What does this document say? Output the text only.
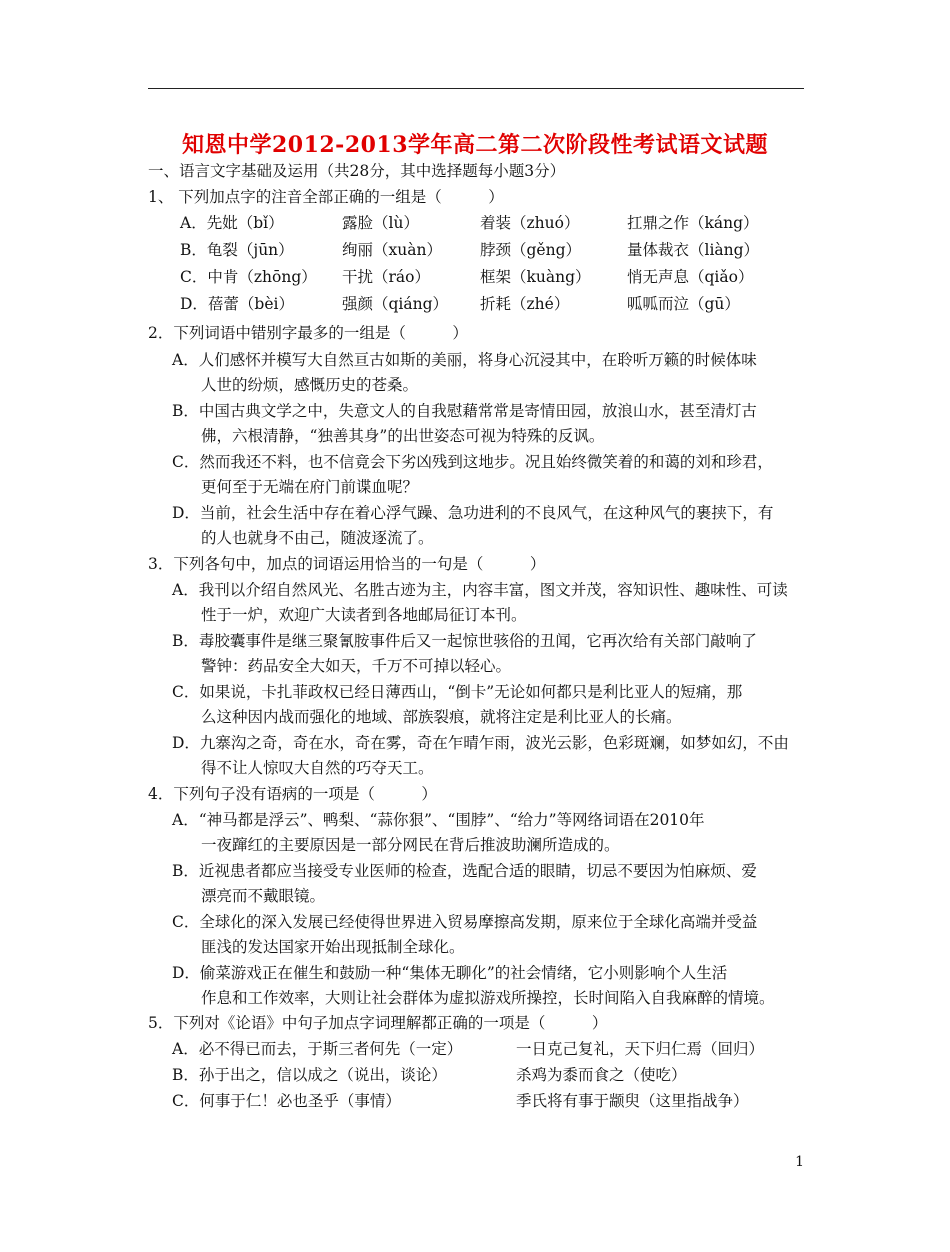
知恩中学2012-2013学年高二第二次阶段性考试语文试题
一、语言文字基础及运用（共28分，其中选择题每小题3分）
1、 下列加点字的注音全部正确的一组是（　　　）
A．先妣（bǐ）	露脸（lù）	着装（zhuó）	扛鼎之作（káng）
B．龟裂（jūn）	绚丽（xuàn） 脖颈（gěng）	量体裁衣（liàng）
C．中肯（zhōng） 干扰（ráo）	框架（kuàng） 悄无声息（qiǎo）
D．蓓蕾（bèi）	强颜（qiáng） 折耗（zhé）	呱呱而泣（gū）
2．下列词语中错别字最多的一组是（　　　）
A．人们感怀并模写大自然亘古如斯的美丽，将身心沉浸其中，在聆听万籁的时候体味
人世的纷烦，感慨历史的苍桑。
B．中国古典文学之中，失意文人的自我慰藉常常是寄情田园，放浪山水，甚至清灯古
佛，六根清静，“独善其身”的出世姿态可视为特殊的反讽。
C．然而我还不料，也不信竟会下劣凶残到这地步。况且始终微笑着的和蔼的刘和珍君，
更何至于无端在府门前谍血呢？
D．当前，社会生活中存在着心浮气躁、急功进利的不良风气，在这种风气的裹挟下，有
的人也就身不由己，随波逐流了。
3．下列各句中，加点的词语运用恰当的一句是（　　　）
A．我刊以介绍自然风光、名胜古迹为主，内容丰富，图文并茂，容知识性、趣味性、可读
性于一炉，欢迎广大读者到各地邮局征订本刊。
B．毒胶囊事件是继三聚氰胺事件后又一起惊世骇俗的丑闻，它再次给有关部门敲响了
警钟：药品安全大如天，千万不可掉以轻心。
C．如果说，卡扎菲政权已经日薄西山，“倒卡”无论如何都只是利比亚人的短痛，那
么这种因内战而强化的地域、部族裂痕，就将注定是利比亚人的长痛。
D．九寨沟之奇，奇在水，奇在雾，奇在乍晴乍雨，波光云影，色彩斑斓，如梦如幻，不由
得不让人惊叹大自然的巧夺天工。
4．下列句子没有语病的一项是（　　　）
A．“神马都是浮云”、鸭梨、“蒜你狠”、“围脖”、“给力”等网络词语在2010年
一夜蹿红的主要原因是一部分网民在背后推波助澜所造成的。
B．近视患者都应当接受专业医师的检查，选配合适的眼睛，切忌不要因为怕麻烦、爱
漂亮而不戴眼镜。
C．全球化的深入发展已经使得世界进入贸易摩擦高发期，原来位于全球化高端并受益
匪浅的发达国家开始出现抵制全球化。
D．偷菜游戏正在催生和鼓励一种“集体无聊化”的社会情绪，它小则影响个人生活
作息和工作效率，大则让社会群体为虚拟游戏所操控，长时间陷入自我麻醉的情境。
5．下列对《论语》中句子加点字词理解都正确的一项是（　　　）
A．必不得已而去，于斯三者何先（一定）	一日克己复礼，天下归仁焉（回归）
B．孙于出之，信以成之（说出，谈论）	杀鸡为黍而食之（使吃）
C．何事于仁！必也圣乎（事情）	季氏将有事于颛臾（这里指战争）
1
